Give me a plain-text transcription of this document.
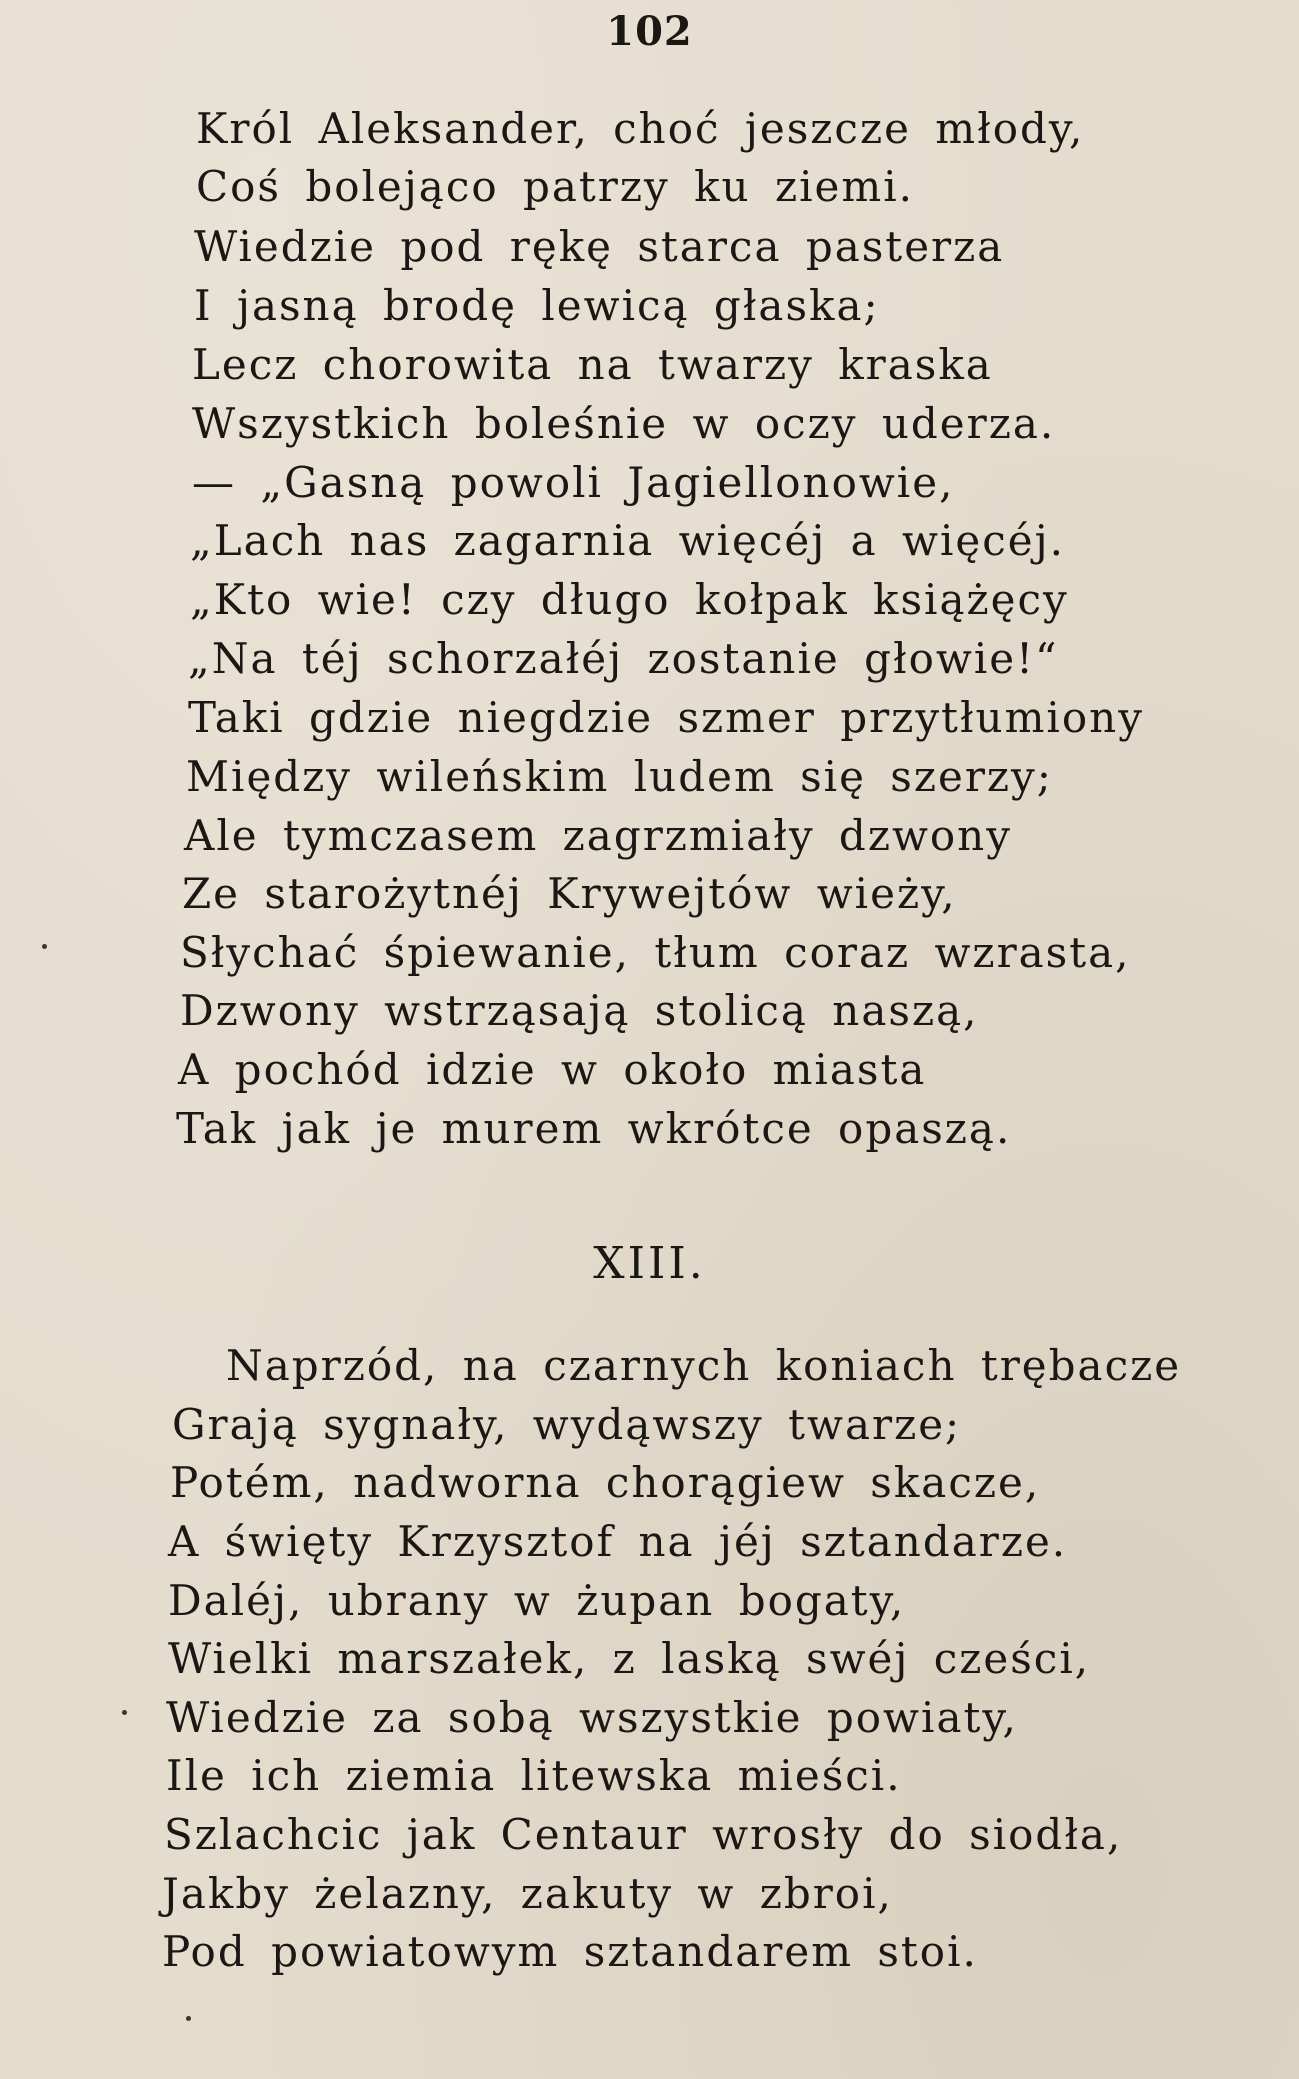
102
Król Aleksander, choć jeszcze młody,
Coś bolejąco patrzy ku ziemi.
Wiedzie pod rękę starca pasterza
I jasną brodę lewicą głaska;
Lecz chorowita na twarzy kraska
Wszystkich boleśnie w oczy uderza.
— „Gasną powoli Jagiellonowie,
„Lach nas zagarnia więcéj a więcéj.
„Kto wie! czy długo kołpak książęcy
„Na téj schorzałéj zostanie głowie!“
Taki gdzie niegdzie szmer przytłumiony
Między wileńskim ludem się szerzy;
Ale tymczasem zagrzmiały dzwony
Ze starożytnéj Krywejtów wieży,
Słychać śpiewanie, tłum coraz wzrasta,
Dzwony wstrząsają stolicą naszą,
A pochód idzie w około miasta
Tak jak je murem wkrótce opaszą.
XIII.
Naprzód, na czarnych koniach trębacze
Grają sygnały, wydąwszy twarze;
Potém, nadworna chorągiew skacze,
A święty Krzysztof na jéj sztandarze.
Daléj, ubrany w żupan bogaty,
Wielki marszałek, z laską swéj cześci,
Wiedzie za sobą wszystkie powiaty,
Ile ich ziemia litewska mieści.
Szlachcic jak Centaur wrosły do siodła,
Jakby żelazny, zakuty w zbroi,
Pod powiatowym sztandarem stoi.
